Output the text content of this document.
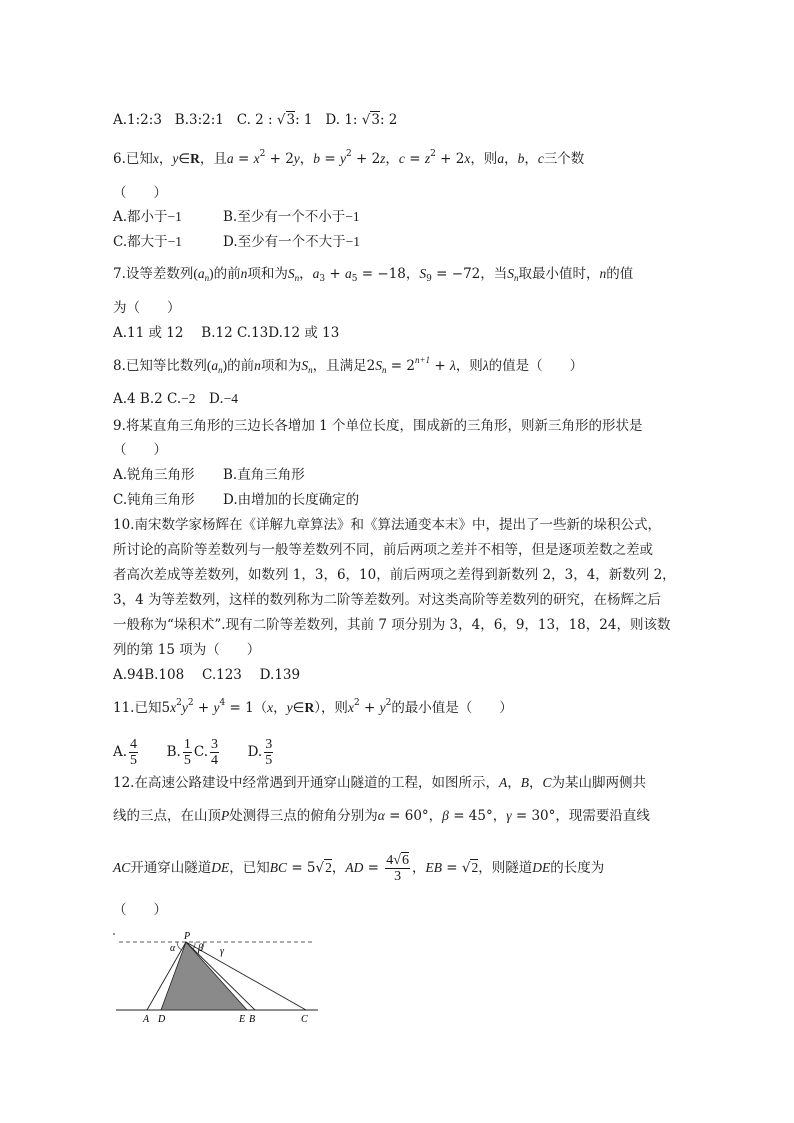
A.1:2:3 B.3:2:1 C. 2 : √3: 1 D. 1: √3: 2
6.已知x，y∈R，且$a = x^2 + 2y$，$b = y^2 + 2z$，$c = z^2 + 2x$，则a，b，c三个数
（　　）
A.都小于−1	B.至少有一个不小于−1
C.都大于−1	D.至少有一个不大于−1
7.设等差数列$(a_n)$的前n项和为$S_n$，$a_3 + a_5 = -18$，$S_9 = -72$，当$S_n$取最小值时，n的值
为（　　）
A.11 或 12　 B.12 C.13D.12 或 13
8.已知等比数列$(a_n)$的前n项和为$S_n$，且满足$2S_n = 2^{n+1} + \lambda$，则λ的值是（　　）
A.4 B.2 C.−2　D.−4
9.将某直角三角形的三边长各增加 1 个单位长度，围成新的三角形，则新三角形的形状是
（　　）
A.锐角三角形 B.直角三角形
C.钝角三角形 D.由增加的长度确定的
10.南宋数学家杨辉在《详解九章算法》和《算法通变本末》中，提出了一些新的垛积公式，
所讨论的高阶等差数列与一般等差数列不同，前后两项之差并不相等，但是逐项差数之差或
者高次差成等差数列，如数列 1，3，6，10，前后两项之差得到新数列 2，3，4，新数列 2，
3，4 为等差数列，这样的数列称为二阶等差数列。对这类高阶等差数列的研究，在杨辉之后
一般称为“垛积术”.现有二阶等差数列，其前 7 项分别为 3，4，6，9，13，18，24，则该数
列的第 15 项为（　　）
A.94B.108　 C.123　 D.139
11.已知$5x^2y^2 + y^4 = 1(x$，y∈R），则$x^2 + y^2$的最小值是（　　）
A. $\frac{4}{5} B$. $\frac{1}{5} C$. $\frac{3}{4} D$. $\frac{3}{5}$
12.在高速公路建设中经常遇到开通穿山隧道的工程，如图所示，A，B，C为某山脚两侧共
线的三点，在山顶P处测得三点的俯角分别为α = 60°，β = 45°，γ = 30°，现需要沿直线
AC开通穿山隧道DE，已知BC = 5√2，AD = $\frac{4√6}{3}$ ，EB = √2，则隧道DE的长度为
（　　）
P
α β γ
A D	E B	C
